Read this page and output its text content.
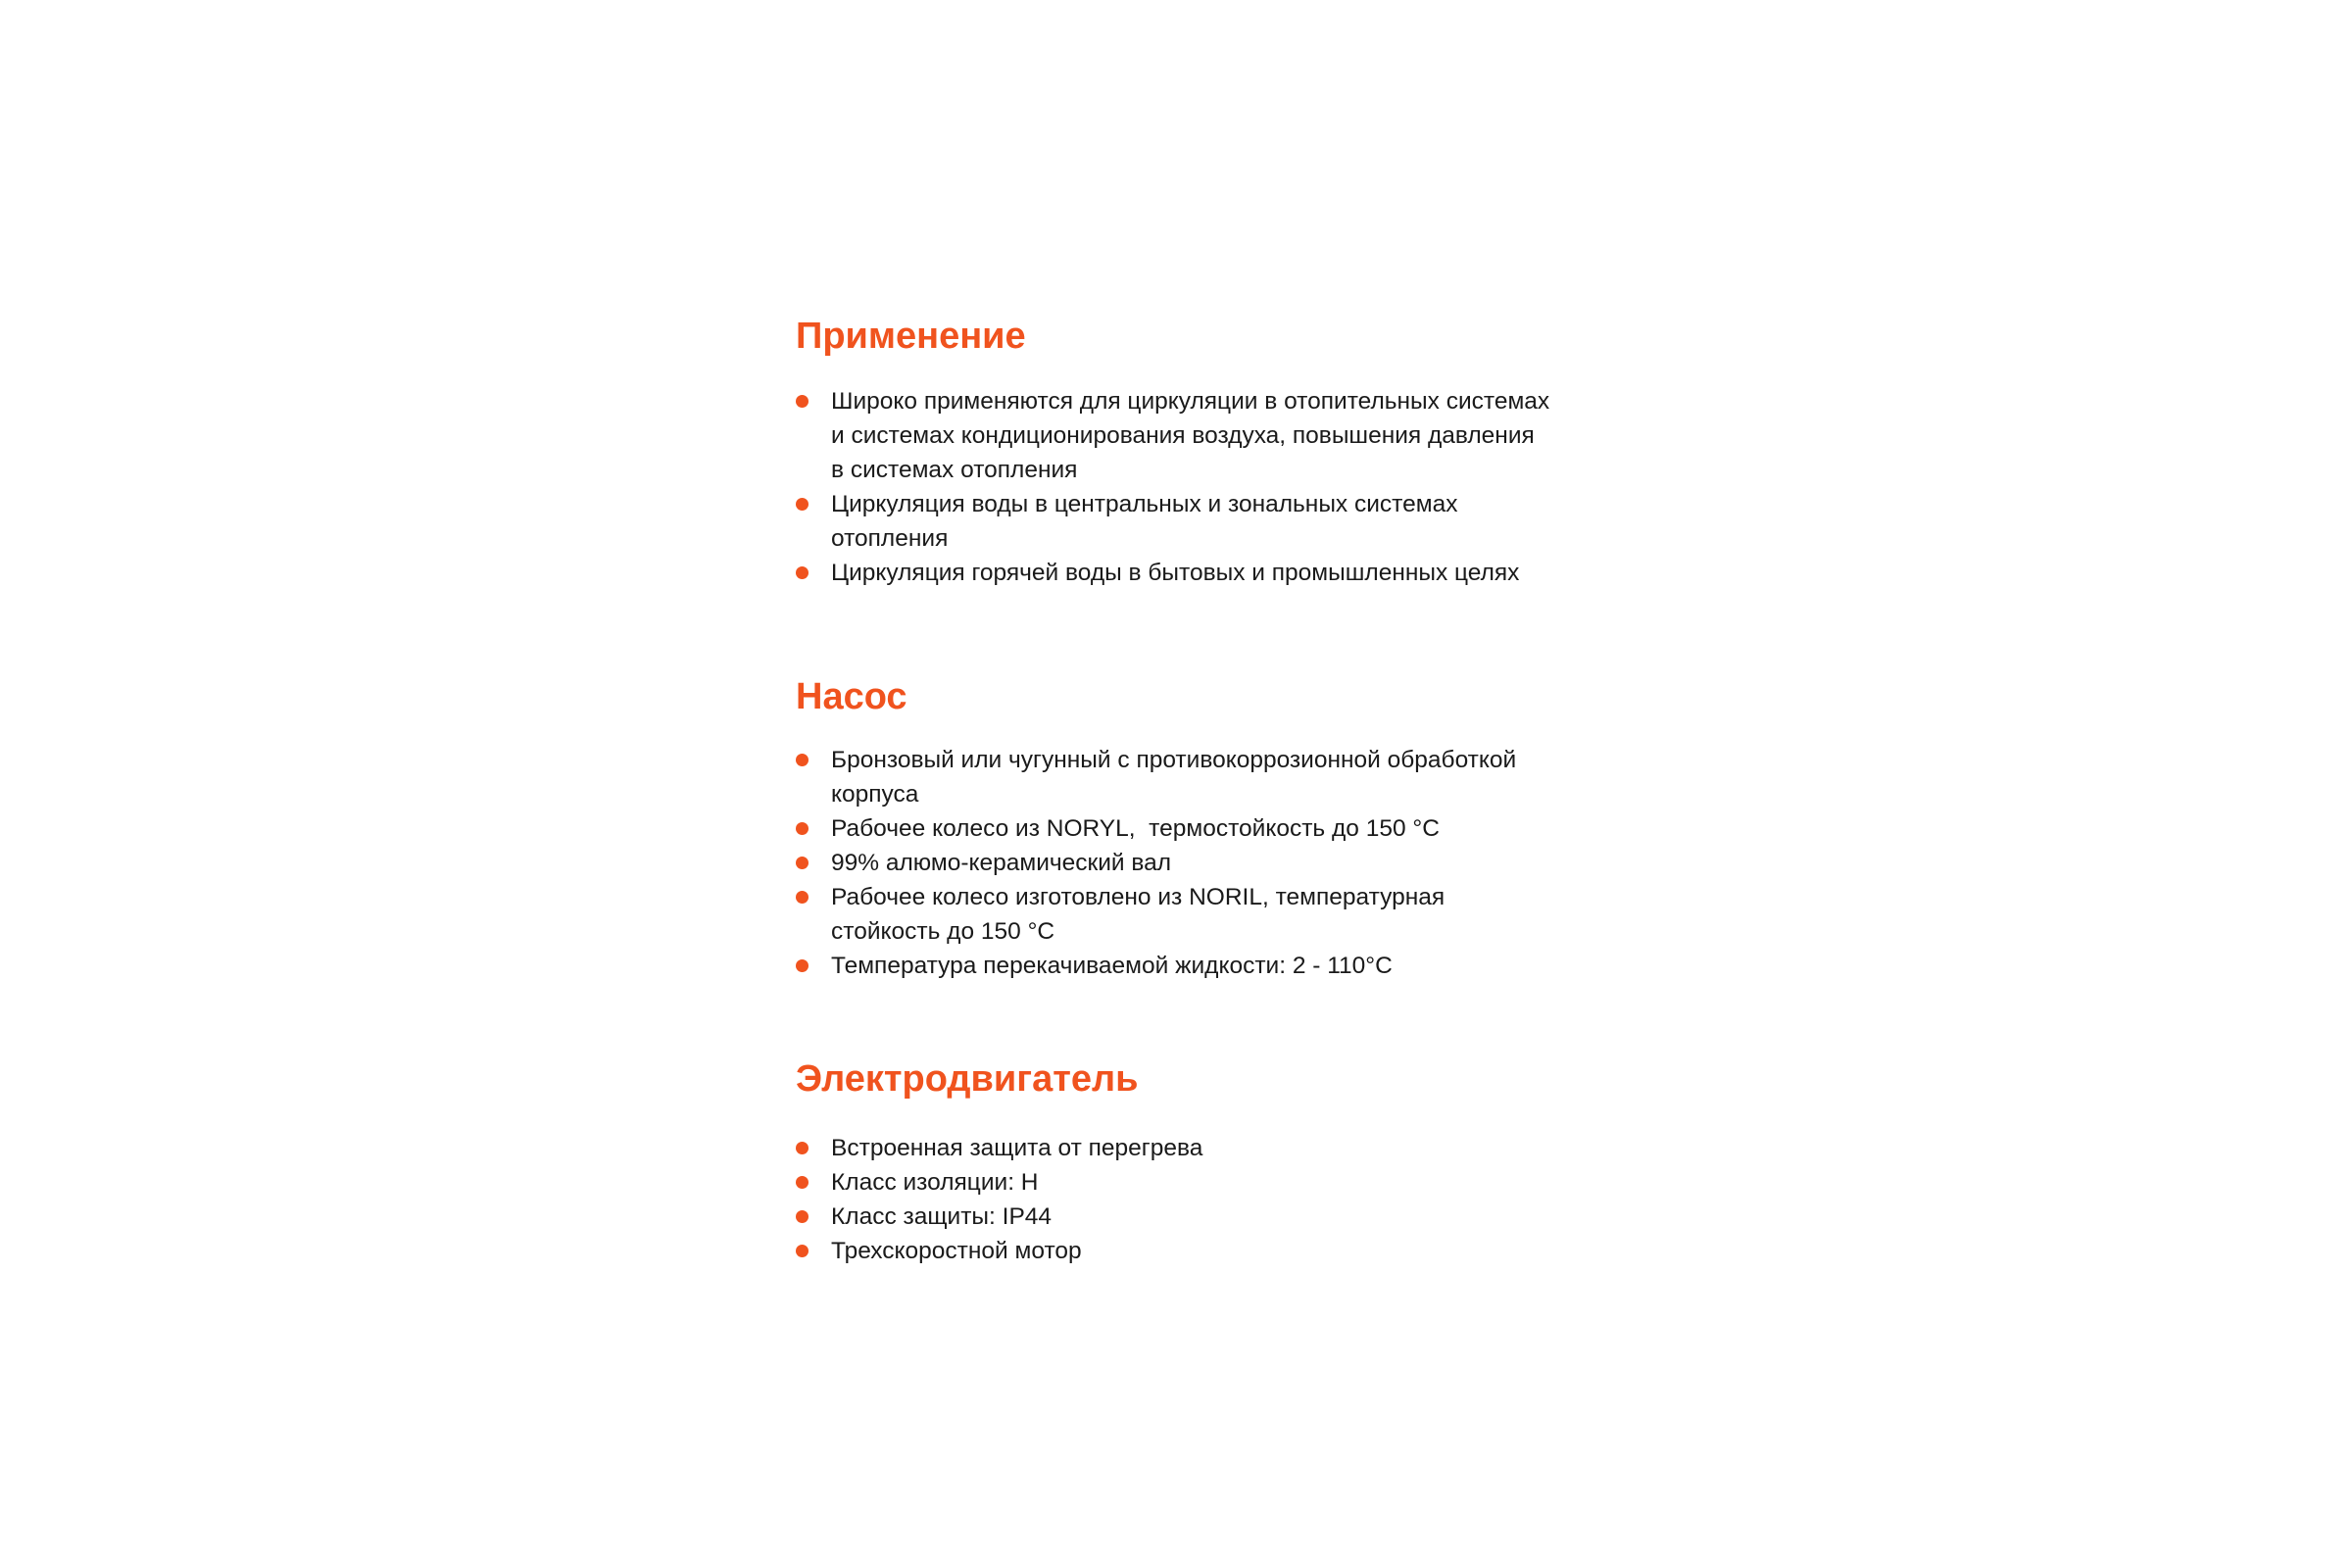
Применение
Широко применяются для циркуляции в отопительных системах
и системах кондиционирования воздуха, повышения давления
в системах отопления
Циркуляция воды в центральных и зональных системах
отопления
Циркуляция горячей воды в бытовых и промышленных целях
Насос
Бронзовый или чугунный с противокоррозионной обработкой
корпуса
Рабочее колесо из NORYL,  термостойкость до 150 °С
99% алюмо-керамический вал
Рабочее колесо изготовлено из NORIL, температурная
стойкость до 150 °С
Температура перекачиваемой жидкости: 2 - 110°С
Электродвигатель
Встроенная защита от перегрева
Класс изоляции: Н
Класс защиты: IP44
Трехскоростной мотор
